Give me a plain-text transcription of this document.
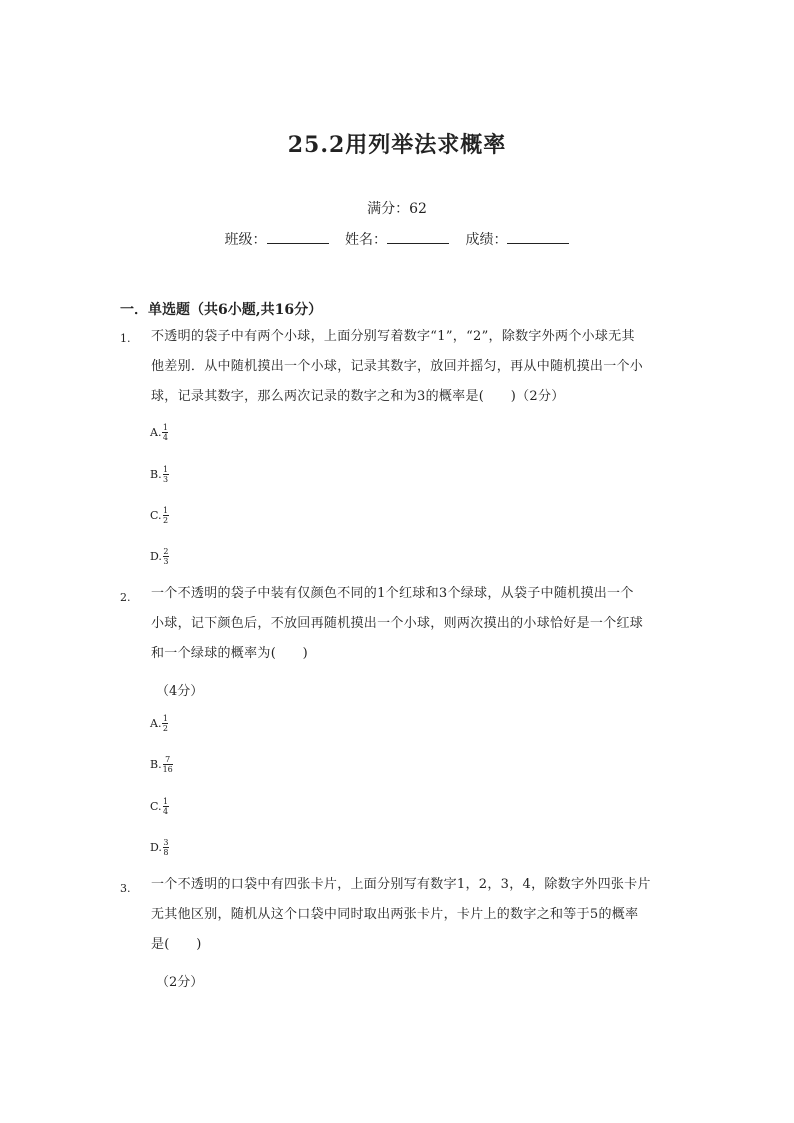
25.2用列举法求概率
满分：62
班级：	姓名：	成绩：
一．单选题（共6小题,共16分）
1. 不透明的袋子中有两个小球，上面分别写着数字“1”，“2”，除数字外两个小球无其
他差别．从中随机摸出一个小球，记录其数字，放回并摇匀，再从中随机摸出一个小
球，记录其数字，那么两次记录的数字之和为3的概率是(　　)（2分）
A. $\frac{1}{4}$
B. $\frac{1}{3}$
C. $\frac{1}{2}$
D. $\frac{2}{3}$
2. 一个不透明的袋子中装有仅颜色不同的1个红球和3个绿球，从袋子中随机摸出一个
小球，记下颜色后，不放回再随机摸出一个小球，则两次摸出的小球恰好是一个红球
和一个绿球的概率为(　　)
（4分）
A. $\frac{1}{2}$
B. $\frac{7}{16}$
C. $\frac{1}{4}$
D. $\frac{3}{8}$
3. 一个不透明的口袋中有四张卡片，上面分别写有数字1，2，3，4，除数字外四张卡片
无其他区别，随机从这个口袋中同时取出两张卡片，卡片上的数字之和等于5的概率
是(　　)
（2分）
